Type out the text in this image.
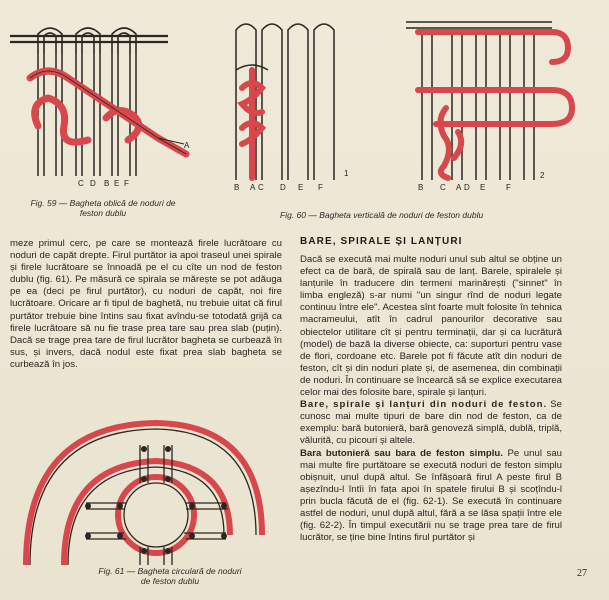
A
C D B E F
Fig. 59 — Bagheta oblică de noduri de
feston dublu
B A C D E F
1
B C A D E	F
2
Fig. 60 — Bagheta verticală de noduri de feston dublu

meze primul cerc, pe care se montează firele lucrătoare cu noduri de capăt drepte. Firul purtător ia apoi traseul unei spirale și firele lucrătoare se înnoadă pe el cu cîte un nod de feston dublu (fig. 61). Pe măsură ce spirala se mărește se pot adăuga pe ea (deci pe firul purtător), cu noduri de capăt, noi fire lucrătoare. Oricare ar fi tipul de baghetă, nu trebuie uitat că firul purtător trebuie bine întins sau fixat avîndu-se totodată grijă ca firele lucrătoare să nu fie trase prea tare sau prea slab (puțin). Dacă se trage prea tare de firul lucrător bagheta se curbează în sus, și invers, dacă nodul este fixat prea slab bagheta se curbează în jos.

Fig. 61 — Bagheta circulară de noduri
de feston dublu
BARE, SPIRALE ȘI LANȚURI

Dacă se execută mai multe noduri unul sub altul se obține un efect ca de bară, de spirală sau de lanț. Barele, spiralele și lanțurile în traducere din termeni marinărești ("sinnet" în limba engleză) s-ar numi "un singur rînd de noduri legate continuu între ele". Acestea sînt foarte mult folosite în tehnica macrameului, atît în cadrul panourilor decorative sau obiectelor utilitare cît și pentru terminații, dar și ca lucrătură (model) de bază la diverse obiecte, ca: suporturi pentru vase de flori, cordoane etc. Barele pot fi făcute atît din noduri de feston, cît și din noduri plate și, de asemenea, din combinații de noduri. În continuare se încearcă să se explice executarea celor mai des folosite bare, spirale și lanțuri.

Bare, spirale și lanțuri din noduri de feston. Se cunosc mai multe tipuri de bare din nod de feston, ca de exemplu: bară butonieră, bară genoveză simplă, dublă, triplă, vălurită, cu picouri și altele.

Bara butonieră sau bara de feston simplu. Pe unul sau mai multe fire purtătoare se execută noduri de feston simplu obișnuit, unul după altul. Se înfășoară firul A peste firul B așezîndu-l întîi în fața apoi în spatele firului B și scoțîndu-l prin bucla făcută de el (fig. 62-1). Se execută în continuare astfel de noduri, unul după altul, fără a se lăsa spații între ele (fig. 62-2). În timpul executării nu se trage prea tare de firul lucrător, se ține bine întins firul purtător și

27
